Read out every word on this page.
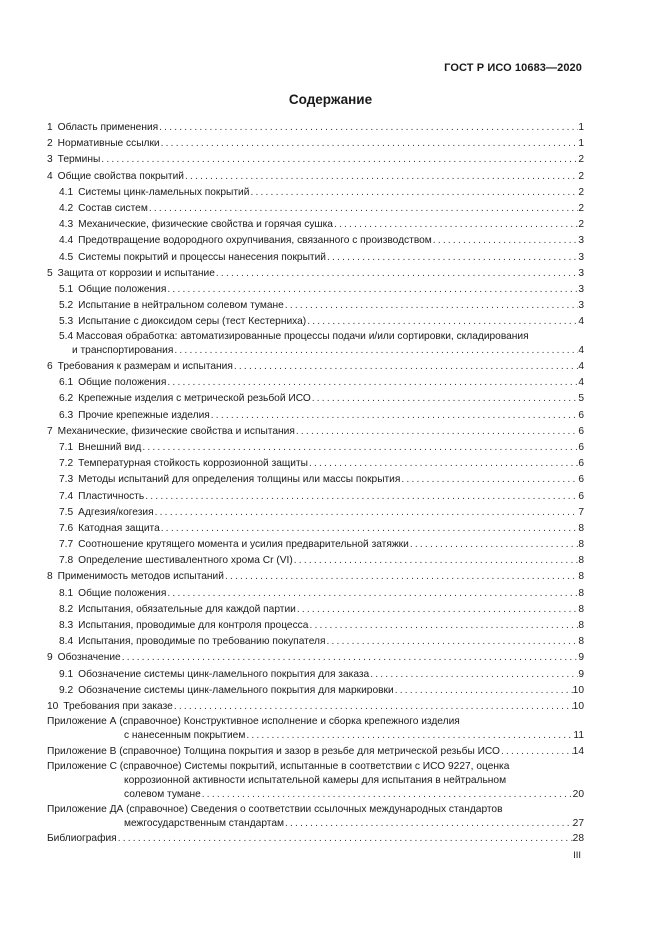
ГОСТ Р ИСО 10683—2020
Содержание
1 Область применения .....	1
2 Нормативные ссылки .....	1
3 Термины .....	2
4 Общие свойства покрытий .....	2
4.1 Системы цинк-ламельных покрытий .....	2
4.2 Состав систем .....	2
4.3 Механические, физические свойства и горячая сушка .....	2
4.4 Предотвращение водородного охрупчивания, связанного с производством .....	3
4.5 Системы покрытий и процессы нанесения покрытий .....	3
5 Защита от коррозии и испытание .....	3
5.1 Общие положения .....	3
5.2 Испытание в нейтральном солевом тумане .....	3
5.3 Испытание с диоксидом серы (тест Кестерниха) .....	4
5.4 Массовая обработка: автоматизированные процессы подачи и/или сортировки, складирования
и транспортирования .....	4
6 Требования к размерам и испытания .....	4
6.1 Общие положения .....	4
6.2 Крепежные изделия с метрической резьбой ИСО .....	5
6.3 Прочие крепежные изделия .....	6
7 Механические, физические свойства и испытания .....	6
7.1 Внешний вид .....	6
7.2 Температурная стойкость коррозионной защиты .....	6
7.3 Методы испытаний для определения толщины или массы покрытия .....	6
7.4 Пластичность .....	6
7.5 Адгезия/когезия .....	7
7.6 Катодная защита .....	8
7.7 Соотношение крутящего момента и усилия предварительной затяжки .....	8
7.8 Определение шестивалентного хрома Cr (VI) .....	8
8 Применимость методов испытаний .....	8
8.1 Общие положения .....	8
8.2 Испытания, обязательные для каждой партии .....	8
8.3 Испытания, проводимые для контроля процесса .....	8
8.4 Испытания, проводимые по требованию покупателя .....	8
9 Обозначение .....	9
9.1 Обозначение системы цинк-ламельного покрытия для заказа .....	9
9.2 Обозначение системы цинк-ламельного покрытия для маркировки .....	10
10 Требования при заказе .....	10
Приложение А (справочное) Конструктивное исполнение и сборка крепежного изделия
с нанесенным покрытием .....	11
Приложение В (справочное) Толщина покрытия и зазор в резьбе для метрической резьбы ИСО .....	14
Приложение С (справочное) Системы покрытий, испытанные в соответствии с ИСО 9227, оценка
коррозионной активности испытательной камеры для испытания в нейтральном
солевом тумане .....	20
Приложение ДА (справочное) Сведения о соответствии ссылочных международных стандартов
межгосударственным стандартам .....	27
Библиография .....	28
III
